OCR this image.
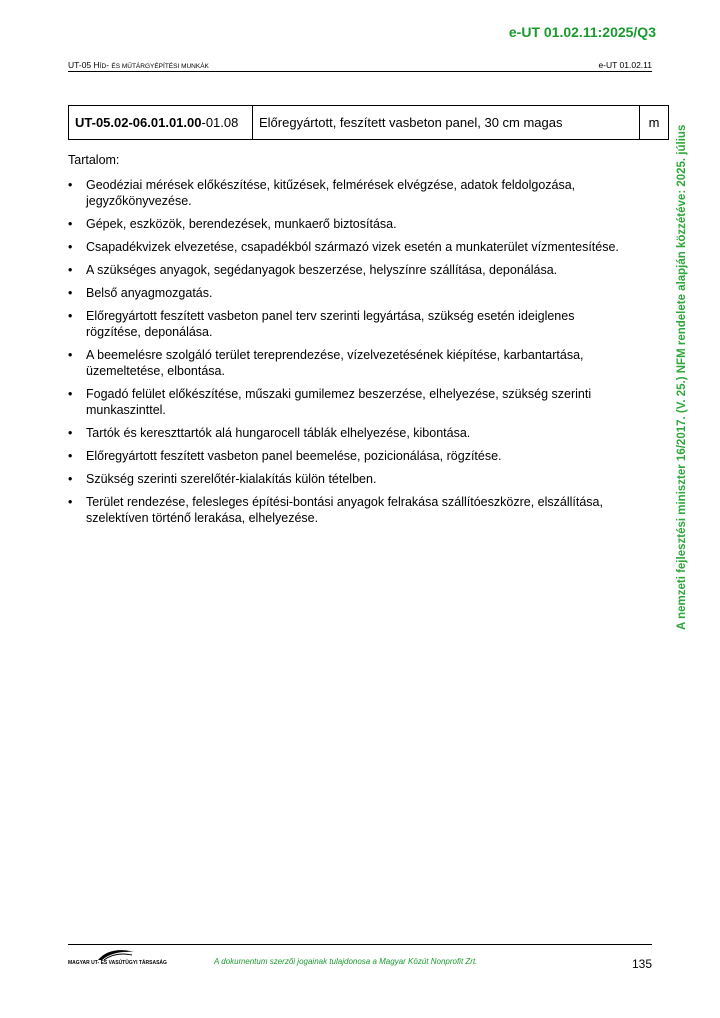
e-UT 01.02.11:2025/Q3
UT-05 HÍD- ÉS MŰTÁRGYÉPÍTÉSI MUNKÁK	e-UT 01.02.11
UT-05.02-06.01.01.00 -01.08	Előregyártott, feszített vasbeton panel, 30 cm magas	m

Tartalom:

• Geodéziai mérések előkészítése, kitűzések, felmérések elvégzése, adatok feldolgozása, jegyzőkönyvezése.
• Gépek, eszközök, berendezések, munkaerő biztosítása.
• Csapadékvizek elvezetése, csapadékból származó vizek esetén a munkaterület vízmentesítése.
• A szükséges anyagok, segédanyagok beszerzése, helyszínre szállítása, deponálása.
• Belső anyagmozgatás.
• Előregyártott feszített vasbeton panel terv szerinti legyártása, szükség esetén ideiglenes rögzítése, deponálása.
• A beemelésre szolgáló terület tereprendezése, vízelvezetésének kiépítése, karbantartása, üzemeltetése, elbontása.
• Fogadó felület előkészítése, műszaki gumilemez beszerzése, elhelyezése, szükség szerinti munkaszinttel.
• Tartók és kereszttartók alá hungarocell táblák elhelyezése, kibontása.
• Előregyártott feszített vasbeton panel beemelése, pozicionálása, rögzítése.
• Szükség szerinti szerelőtér-kialakítás külön tételben.
• Terület rendezése, felesleges építési-bontási anyagok felrakása szállítóeszközre, elszállítása, szelektíven történő lerakása, elhelyezése.	A nemzeti fejlesztési miniszter 16/2017. (V. 25.) NFM rendelete alapján közzétéve: 2025. július
MAGYAR UT- ÉS VASÚTÜGYI TÁRSASÁG	A dokumentum szerzői jogainak tulajdonosa a Magyar Közút Nonprofit Zrt.	135
